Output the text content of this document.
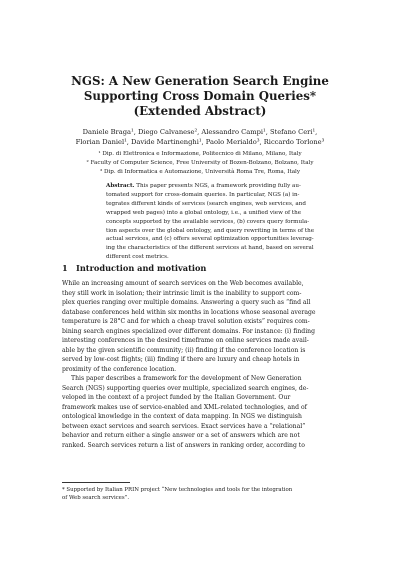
NGS: A New Generation Search Engine
Supporting Cross Domain Queries*
(Extended Abstract)
Daniele Braga¹, Diego Calvanese², Alessandro Campi¹, Stefano Ceri¹,
Florian Daniel¹, Davide Martinenghi¹, Paolo Merialdo³, Riccardo Torlone³
¹ Dip. di Elettronica e Informazione, Politecnico di Milano, Milano, Italy
² Faculty of Computer Science, Free University of Bozen-Bolzano, Bolzano, Italy
³ Dip. di Informatica e Automazione, Università Roma Tre, Roma, Italy
Abstract. This paper presents NGS, a framework providing fully au-
tomated support for cross-domain queries. In particular, NGS (a) in-
tegrates different kinds of services (search engines, web services, and
wrapped web pages) into a global ontology, i.e., a unified view of the
concepts supported by the available services, (b) covers query formula-
tion aspects over the global ontology, and query rewriting in terms of the
actual services, and (c) offers several optimization opportunities leverag-
ing the characteristics of the different services at hand, based on several
different cost metrics.
1 Introduction and motivation
While an increasing amount of search services on the Web becomes available,
they still work in isolation; their intrinsic limit is the inability to support com-
plex queries ranging over multiple domains. Answering a query such as “find all
database conferences held within six months in locations whose seasonal average
temperature is 28°C and for which a cheap travel solution exists” requires com-
bining search engines specialized over different domains. For instance: (i) finding
interesting conferences in the desired timeframe on online services made avail-
able by the given scientific community; (ii) finding if the conference location is
served by low-cost flights; (iii) finding if there are luxury and cheap hotels in
proximity of the conference location.
This paper describes a framework for the development of New Generation
Search (NGS) supporting queries over multiple, specialized search engines, de-
veloped in the context of a project funded by the Italian Government. Our
framework makes use of service-enabled and XML-related technologies, and of
ontological knowledge in the context of data mapping. In NGS we distinguish
between exact services and search services. Exact services have a “relational”
behavior and return either a single answer or a set of answers which are not
ranked. Search services return a list of answers in ranking order, according to
* Supported by Italian PRIN project “New technologies and tools for the integration
of Web search services”.
